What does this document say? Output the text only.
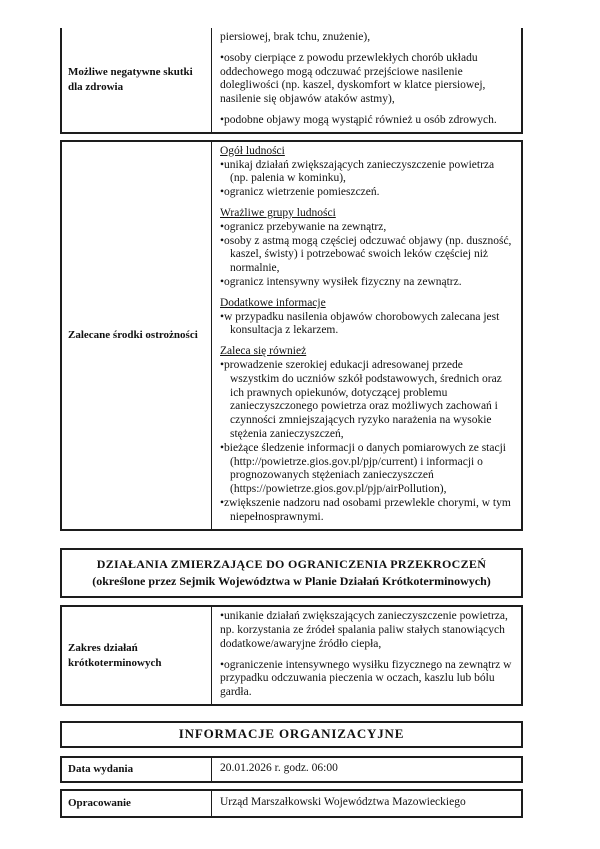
Możliwe negatywne skutki dla zdrowia
piersiowej, brak tchu, znużenie),
• osoby cierpiące z powodu przewlekłych chorób układu oddechowego mogą odczuwać przejściowe nasilenie dolegliwości (np. kaszel, dyskomfort w klatce piersiowej, nasilenie się objawów ataków astmy),
• podobne objawy mogą wystąpić również u osób zdrowych.
Zalecane środki ostrożności
Ogół ludności
• unikaj działań zwiększających zanieczyszczenie powietrza (np. palenia w kominku),
• ogranicz wietrzenie pomieszczeń.
Wrażliwe grupy ludności
• ogranicz przebywanie na zewnątrz,
• osoby z astmą mogą częściej odczuwać objawy (np. duszność, kaszel, świsty) i potrzebować swoich leków częściej niż normalnie,
• ogranicz intensywny wysiłek fizyczny na zewnątrz.
Dodatkowe informacje
• w przypadku nasilenia objawów chorobowych zalecana jest konsultacja z lekarzem.
Zaleca się również
• prowadzenie szerokiej edukacji adresowanej przede wszystkim do uczniów szkół podstawowych, średnich oraz ich prawnych opiekunów, dotyczącej problemu zanieczyszczonego powietrza oraz możliwych zachowań i czynności zmniejszających ryzyko narażenia na wysokie stężenia zanieczyszczeń,
• bieżące śledzenie informacji o danych pomiarowych ze stacji (http://powietrze.gios.gov.pl/pjp/current) i informacji o prognozowanych stężeniach zanieczyszczeń (https://powietrze.gios.gov.pl/pjp/airPollution),
• zwiększenie nadzoru nad osobami przewlekle chorymi, w tym niepełnosprawnymi.
DZIAŁANIA ZMIERZAJĄCE DO OGRANICZENIA PRZEKROCZEŃ
(określone przez Sejmik Województwa w Planie Działań Krótkoterminowych)
Zakres działań krótkoterminowych
• unikanie działań zwiększających zanieczyszczenie powietrza, np. korzystania ze źródeł spalania paliw stałych stanowiących dodatkowe/awaryjne źródło ciepła,
• ograniczenie intensywnego wysiłku fizycznego na zewnątrz w przypadku odczuwania pieczenia w oczach, kaszlu lub bólu gardła.
INFORMACJE ORGANIZACYJNE
Data wydania	20.01.2026 r. godz. 06:00
Opracowanie	Urząd Marszałkowski Województwa Mazowieckiego
